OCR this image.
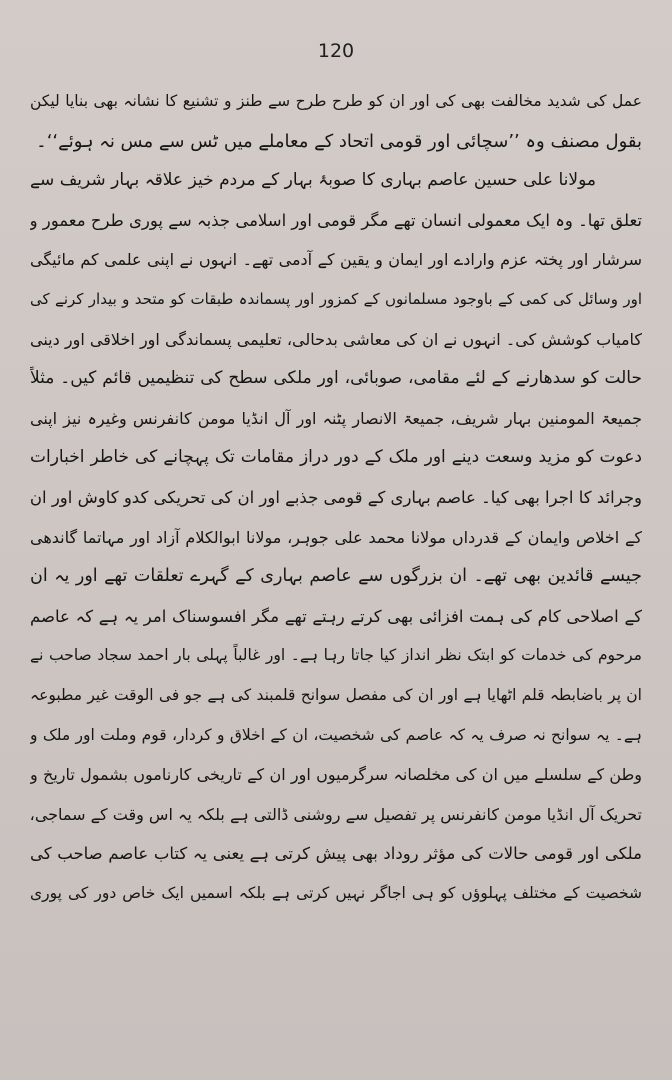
120
عمل کی شدید مخالفت بھی کی اور ان کو طرح طرح سے طنز و تشنیع کا نشانہ بھی بنایا لیکن
بقول مصنف وہ ’’سچائی اور قومی اتحاد کے معاملے میں ٹس سے مس نہ ہوئے‘‘۔
مولانا علی حسین عاصم بہاری کا صوبۂ بہار کے مردم خیز علاقہ بہار شریف سے
تعلق تھا۔ وہ ایک معمولی انسان تھے مگر قومی اور اسلامی جذبہ سے پوری طرح معمور و
سرشار اور پختہ عزم وارادے اور ایمان و یقین کے آدمی تھے۔ انہوں نے اپنی علمی کم مائیگی
اور وسائل کی کمی کے باوجود مسلمانوں کے کمزور اور پسماندہ طبقات کو متحد و بیدار کرنے کی
کامیاب کوشش کی۔ انہوں نے ان کی معاشی بدحالی، تعلیمی پسماندگی اور اخلاقی اور دینی
حالت کو سدھارنے کے لئے مقامی، صوبائی، اور ملکی سطح کی تنظیمیں قائم کیں۔ مثلاً
جمیعۃ المومنین بہار شریف، جمیعۃ الانصار پٹنہ اور آل انڈیا مومن کانفرنس وغیرہ نیز اپنی
دعوت کو مزید وسعت دینے اور ملک کے دور دراز مقامات تک پہچانے کی خاطر اخبارات
وجرائد کا اجرا بھی کیا۔ عاصم بہاری کے قومی جذبے اور ان کی تحریکی کدو کاوش اور ان
کے اخلاص وایمان کے قدرداں مولانا محمد علی جوہر، مولانا ابوالکلام آزاد اور مہاتما گاندھی
جیسے قائدین بھی تھے۔ ان بزرگوں سے عاصم بہاری کے گہرے تعلقات تھے اور یہ ان
کے اصلاحی کام کی ہمت افزائی بھی کرتے رہتے تھے مگر افسوسناک امر یہ ہے کہ عاصم
مرحوم کی خدمات کو ابتک نظر انداز کیا جاتا رہا ہے۔ اور غالباً پہلی بار احمد سجاد صاحب نے
ان پر باضابطہ قلم اٹھایا ہے اور ان کی مفصل سوانح قلمبند کی ہے جو فی الوقت غیر مطبوعہ
ہے۔ یہ سوانح نہ صرف یہ کہ عاصم کی شخصیت، ان کے اخلاق و کردار، قوم وملت اور ملک و
وطن کے سلسلے میں ان کی مخلصانہ سرگرمیوں اور ان کے تاریخی کارناموں بشمول تاریخ و
تحریک آل انڈیا مومن کانفرنس پر تفصیل سے روشنی ڈالتی ہے بلکہ یہ اس وقت کے سماجی،
ملکی اور قومی حالات کی مؤثر روداد بھی پیش کرتی ہے یعنی یہ کتاب عاصم صاحب کی
شخصیت کے مختلف پہلوؤں کو ہی اجاگر نہیں کرتی ہے بلکہ اسمیں ایک خاص دور کی پوری
